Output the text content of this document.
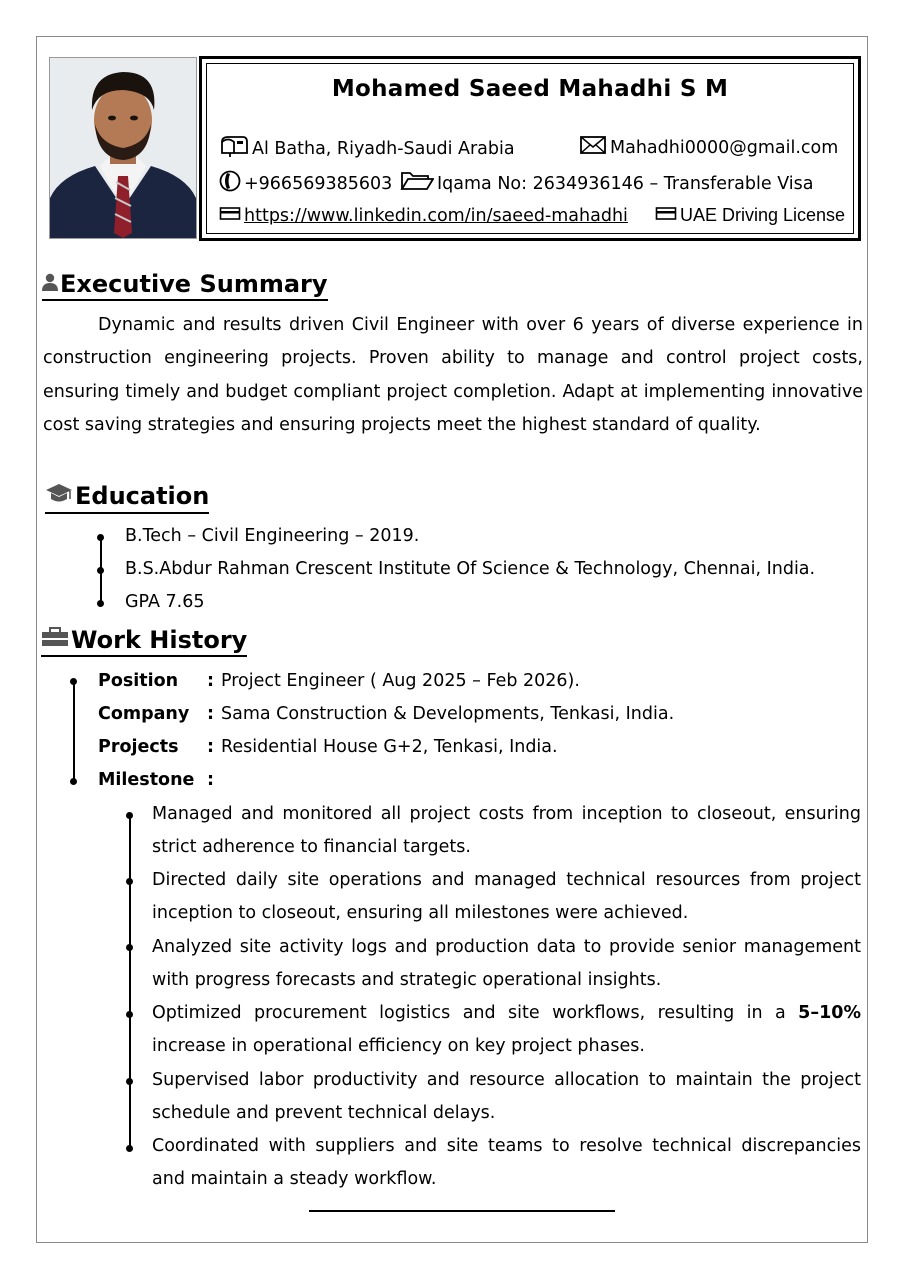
Mohamed Saeed Mahadhi S M
Al Batha, Riyadh-Saudi Arabia	Mahadhi0000@gmail.com
+966569385603	Iqama No: 2634936146 – Transferable Visa
https://www.linkedin.com/in/saeed-mahadhi	UAE Driving License
Executive Summary

Dynamic and results driven Civil Engineer with over 6 years of diverse experience in construction engineering projects. Proven ability to manage and control project costs, ensuring timely and budget compliant project completion. Adapt at implementing innovative cost saving strategies and ensuring projects meet the highest standard of quality.

Education
B.Tech – Civil Engineering – 2019.
B.S.Abdur Rahman Crescent Institute Of Science & Technology, Chennai, India.
GPA 7.65
Work History
Position : Project Engineer ( Aug 2025 – Feb 2026).
Company : Sama Construction & Developments, Tenkasi, India.
Projects : Residential House G+2, Tenkasi, India.
Milestone :

Managed and monitored all project costs from inception to closeout, ensuring strict adherence to financial targets.

Directed daily site operations and managed technical resources from project inception to closeout, ensuring all milestones were achieved.

Analyzed site activity logs and production data to provide senior management with progress forecasts and strategic operational insights.

Optimized procurement logistics and site workflows, resulting in a 5–10% increase in operational efficiency on key project phases.

Supervised labor productivity and resource allocation to maintain the project schedule and prevent technical delays.

Coordinated with suppliers and site teams to resolve technical discrepancies and maintain a steady workflow.
